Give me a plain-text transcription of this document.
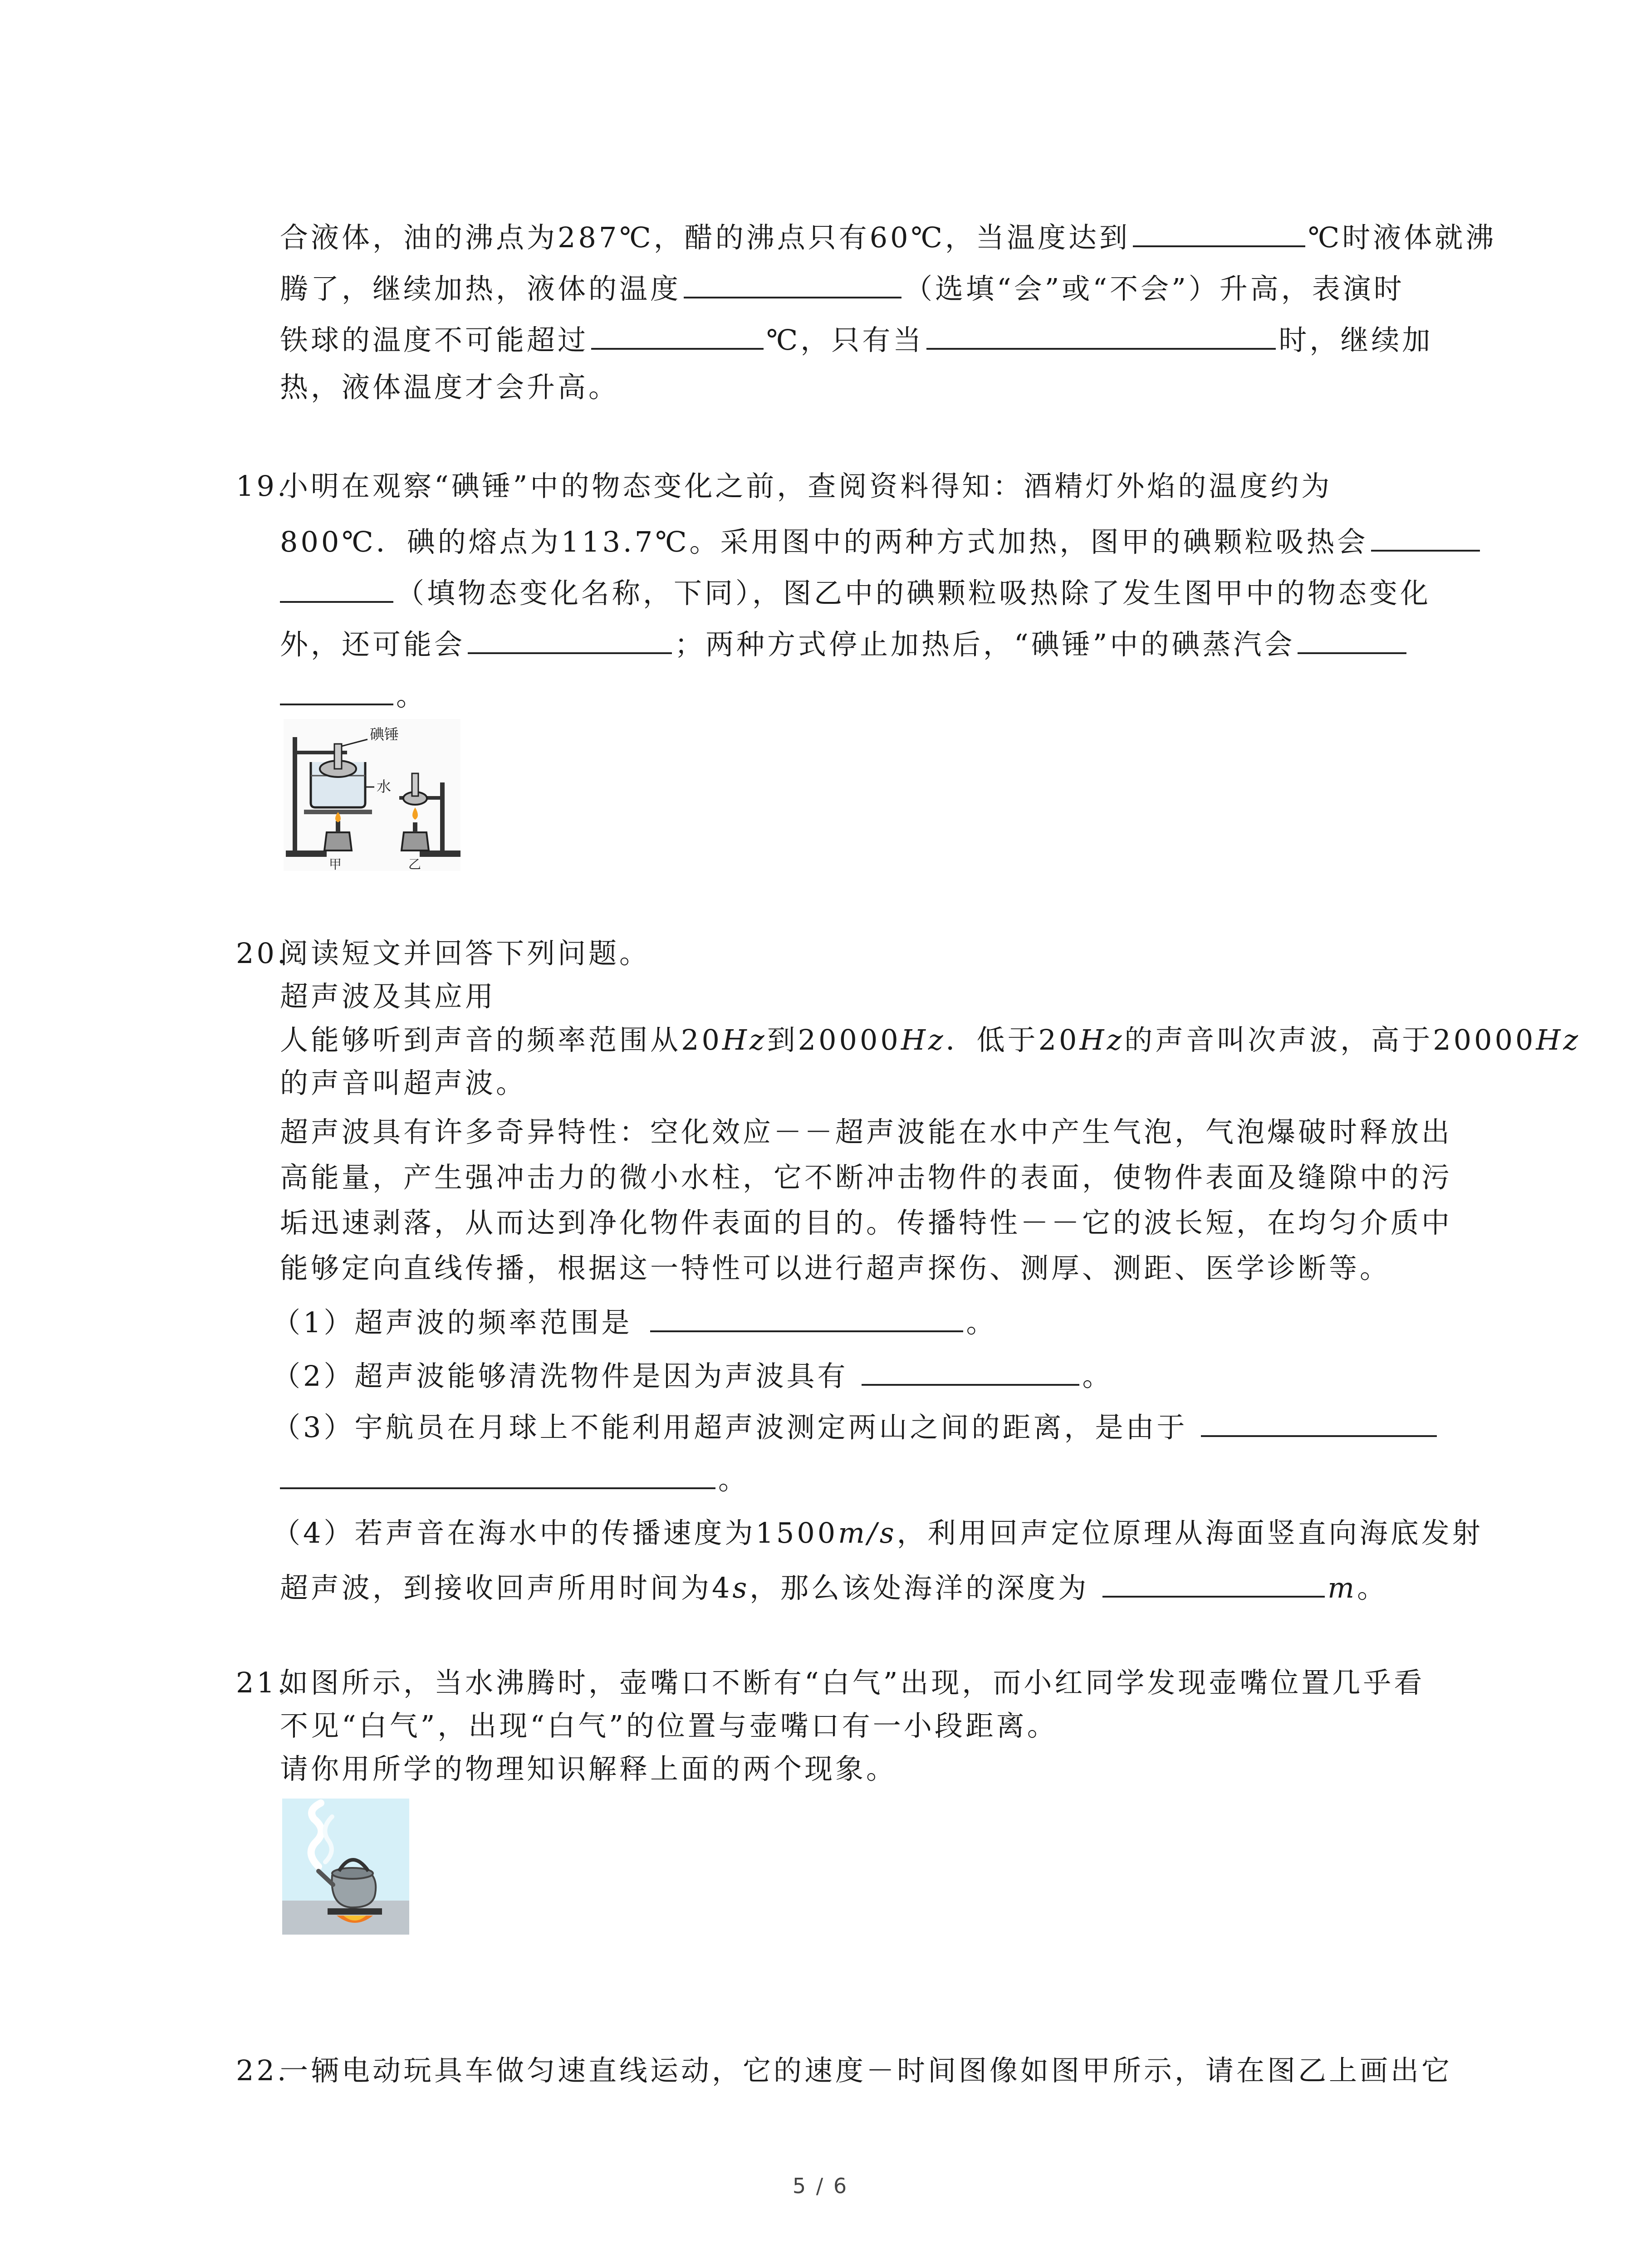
合液体，油的沸点为287℃，醋的沸点只有60℃，当温度达到	℃时液体就沸
腾了，继续加热，液体的温度	（选填“会”或“不会”）升高，表演时
铁球的温度不可能超过	℃，只有当	时，继续加
热，液体温度才会升高。
19.
小明在观察“碘锤”中的物态变化之前，查阅资料得知：酒精灯外焰的温度约为
800℃．碘的熔点为113.7℃。采用图中的两种方式加热，图甲的碘颗粒吸热会
（填物态变化名称，下同），图乙中的碘颗粒吸热除了发生图甲中的物态变化
外，还可能会	；两种方式停止加热后，“碘锤”中的碘蒸汽会
。
碘锤
水
甲	乙
20.
阅读短文并回答下列问题。
超声波及其应用
人能够听到声音的频率范围从20Hz到20000Hz．低于20Hz的声音叫次声波，高于20000Hz
的声音叫超声波。
超声波具有许多奇异特性：空化效应－－超声波能在水中产生气泡，气泡爆破时释放出
高能量，产生强冲击力的微小水柱，它不断冲击物件的表面，使物件表面及缝隙中的污
垢迅速剥落，从而达到净化物件表面的目的。传播特性－－它的波长短，在均匀介质中
能够定向直线传播，根据这一特性可以进行超声探伤、测厚、测距、医学诊断等。
（1）超声波的频率范围是	。
（2）超声波能够清洗物件是因为声波具有	。
（3）宇航员在月球上不能利用超声波测定两山之间的距离，是由于
。
（4）若声音在海水中的传播速度为1500m/s，利用回声定位原理从海面竖直向海底发射
超声波，到接收回声所用时间为4s，那么该处海洋的深度为	m。
21.
如图所示，当水沸腾时，壶嘴口不断有“白气”出现，而小红同学发现壶嘴位置几乎看
不见“白气”，出现“白气”的位置与壶嘴口有一小段距离。
请你用所学的物理知识解释上面的两个现象。
22.
一辆电动玩具车做匀速直线运动，它的速度－时间图像如图甲所示，请在图乙上画出它
5 / 6
